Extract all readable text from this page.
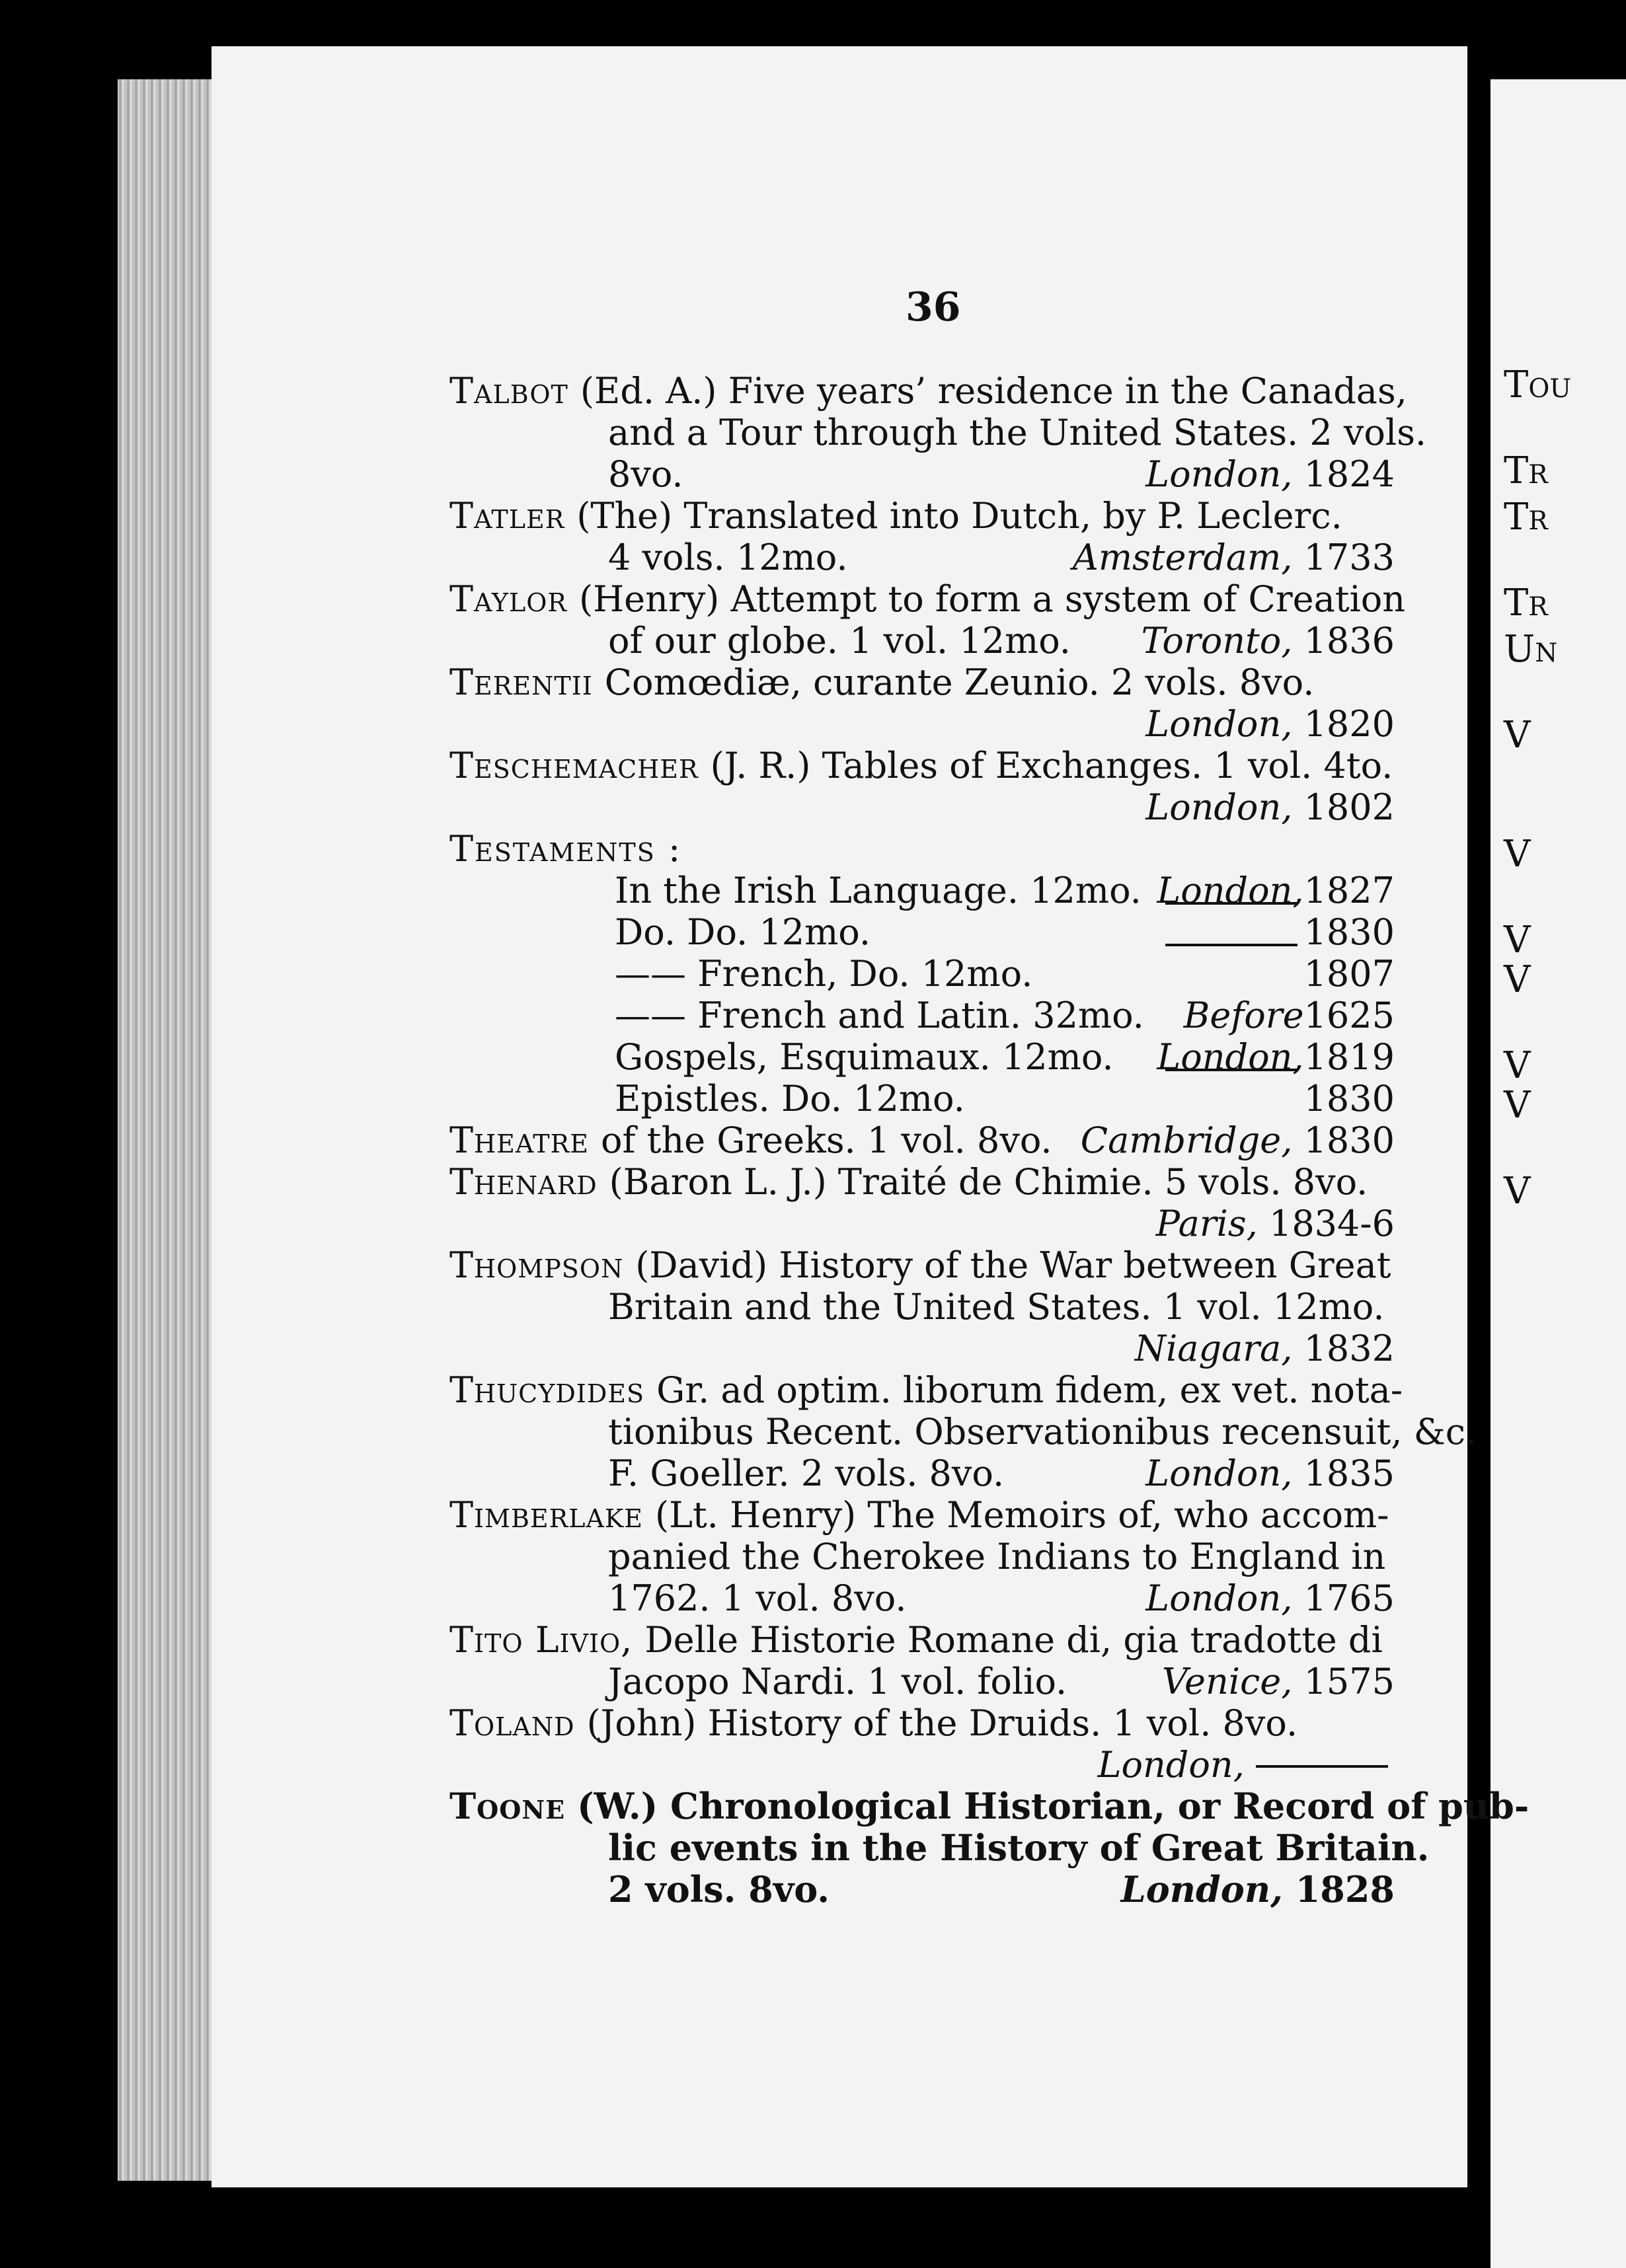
Tou
Tr
Tr
Tr
Un
V
V
V
V
V
V
V
36
Talbot (Ed. A.) Five years’ residence in the Canadas,
and a Tour through the United States. 2 vols.
8vo.	London, 1824
Tatler (The) Translated into Dutch, by P. Leclerc.
4 vols. 12mo.	Amsterdam, 1733
Taylor (Henry) Attempt to form a system of Creation
of our globe. 1 vol. 12mo. Toronto, 1836
Terentii Comœdiæ, curante Zeunio. 2 vols. 8vo.
London, 1820
Teschemacher (J. R.) Tables of Exchanges. 1 vol. 4to.
London, 1802
Testaments :
In the Irish Language. 12mo. London, 1827
Do. Do. 12mo.	1830
—— French, Do. 12mo.	1807
—— French and Latin. 32mo.	Before 1625
Gospels, Esquimaux. 12mo.	London, 1819
Epistles. Do. 12mo.	1830
Theatre of the Greeks. 1 vol. 8vo. Cambridge, 1830
Thenard (Baron L. J.) Traité de Chimie. 5 vols. 8vo.
Paris, 1834-6
Thompson (David) History of the War between Great
Britain and the United States. 1 vol. 12mo.
Niagara, 1832
Thucydides Gr. ad optim. liborum fidem, ex vet. nota-
tionibus Recent. Observationibus recensuit, &c.
F. Goeller. 2 vols. 8vo.	London, 1835
Timberlake (Lt. Henry) The Memoirs of, who accom-
panied the Cherokee Indians to England in
1762. 1 vol. 8vo.	London, 1765
Tito Livio, Delle Historie Romane di, gia tradotte di
Jacopo Nardi. 1 vol. folio.	Venice, 1575
Toland (John) History of the Druids. 1 vol. 8vo.
London,
Toone (W.) Chronological Historian, or Record of pub-
lic events in the History of Great Britain.
2 vols. 8vo.	London, 1828
